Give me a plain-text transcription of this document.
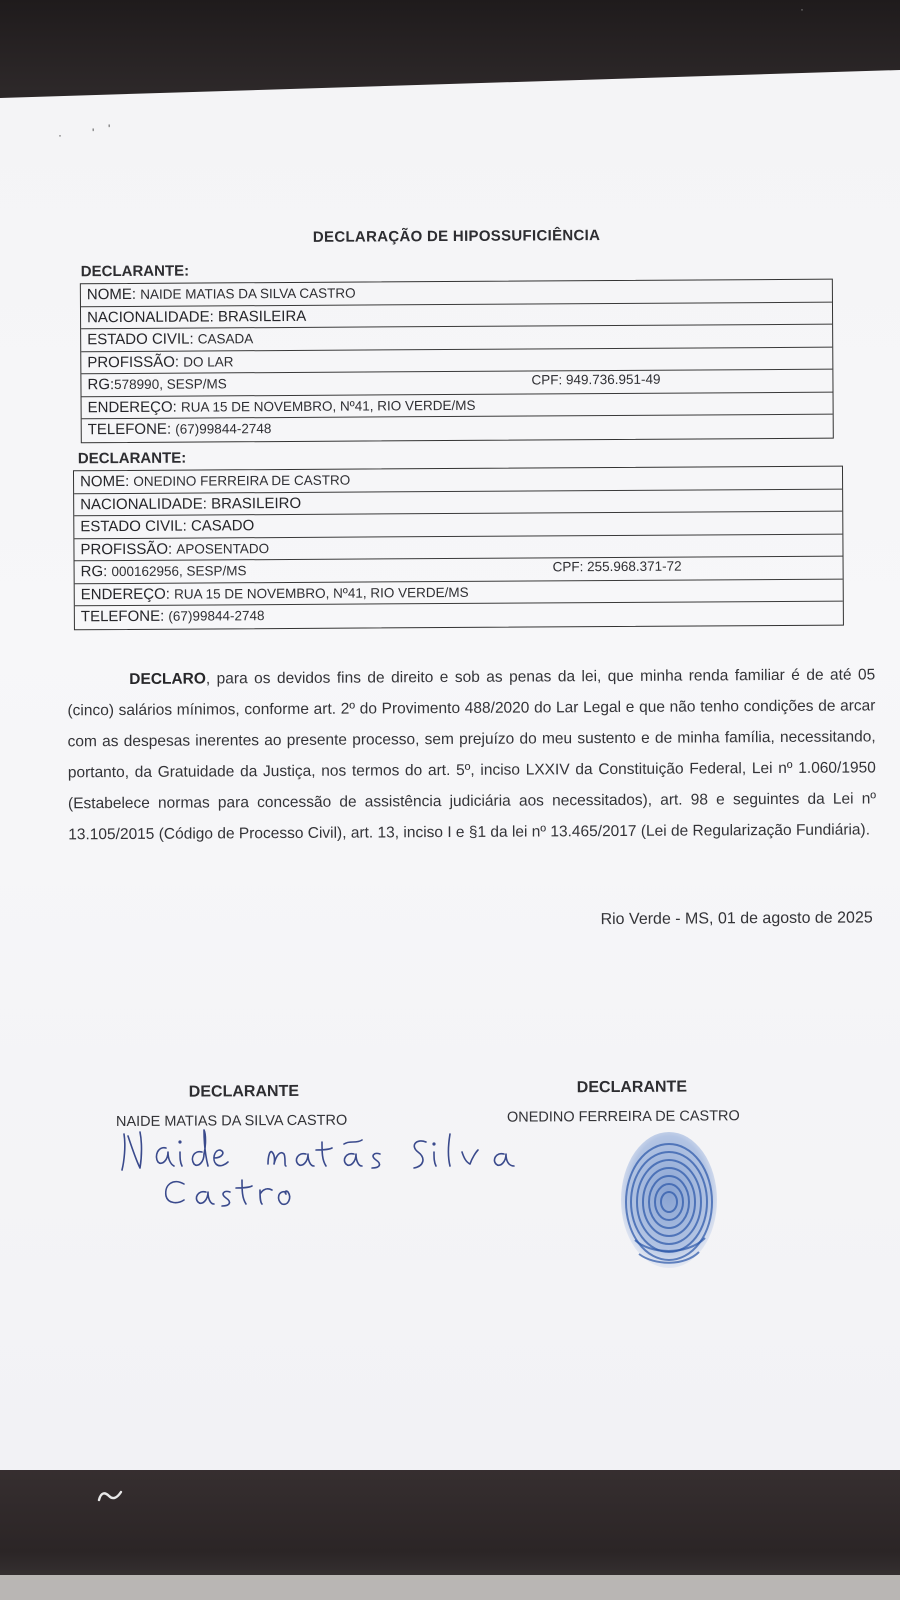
·	' '
·
DECLARAÇÃO DE HIPOSSUFICIÊNCIA
DECLARANTE:
NOME: NAIDE MATIAS DA SILVA CASTRO
NACIONALIDADE: BRASILEIRA
ESTADO CIVIL: CASADA
PROFISSÃO: DO LAR
RG:578990, SESP/MS	CPF: 949.736.951-49
ENDEREÇO: RUA 15 DE NOVEMBRO, Nº41, RIO VERDE/MS
TELEFONE: (67)99844-2748
DECLARANTE:
NOME: ONEDINO FERREIRA DE CASTRO
NACIONALIDADE: BRASILEIRO
ESTADO CIVIL: CASADO
PROFISSÃO: APOSENTADO
RG: 000162956, SESP/MS	CPF: 255.968.371-72
ENDEREÇO: RUA 15 DE NOVEMBRO, Nº41, RIO VERDE/MS
TELEFONE: (67)99844-2748
DECLARO, para os devidos fins de direito e sob as penas da lei, que minha renda familiar é de até 05 (cinco) salários mínimos, conforme art. 2º do Provimento 488/2020 do Lar Legal e que não tenho condições de arcar com as despesas inerentes ao presente processo, sem prejuízo do meu sustento e de minha família, necessitando, portanto, da Gratuidade da Justiça, nos termos do art. 5º, inciso LXXIV da Constituição Federal, Lei nº 1.060/1950 (Estabelece normas para concessão de assistência judiciária aos necessitados), art. 98 e seguintes da Lei nº 13.105/2015 (Código de Processo Civil), art. 13, inciso I e §1 da lei nº 13.465/2017 (Lei de Regularização Fundiária).
Rio Verde - MS, 01 de agosto de 2025
DECLARANTE
NAIDE MATIAS DA SILVA CASTRO
DECLARANTE
ONEDINO FERREIRA DE CASTRO
